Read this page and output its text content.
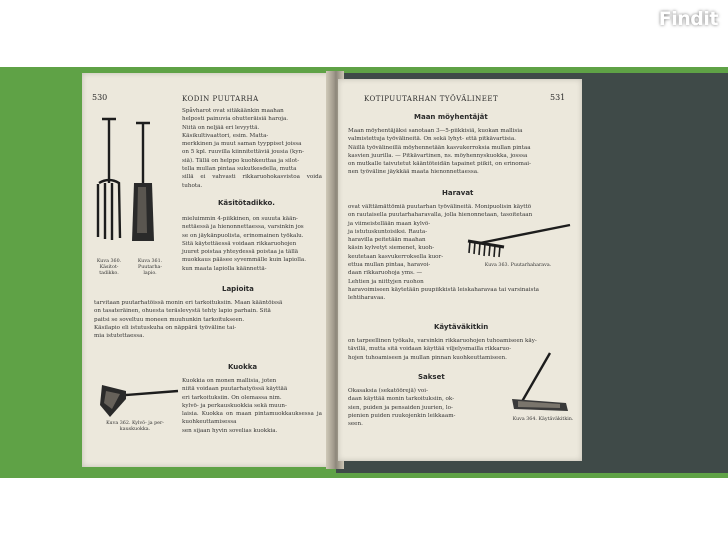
530	KODIN PUUTARHA
Kuva 360.
Käsitot-
tadikko.
Kuva 361.
Puutarha-
lapio.
Spåvharot ovat sitäkäänkin maahan
helposti painuvia ohutteräisiä haroja.
Niitä on neljää eri levyyttä.
Käsikultivaattori, esim. Matta-
merkkinen ja muut saman tyyppiset joissa
on 5 kpl. ruuvilla kiinnitettäviä jousia (kyn-
siä). Tällä on helppo kuohkeuttaa ja silot-
tella mullan pintaa sukutkesdella, mutta
sillä ei vahvasti rikkaruohokasvistoa voida tuhota.
Käsitötadikko.
mieluimmin 4-piikkinen, on suuuta kään-
nettäessä ja hienonnettaessa, varsinkin jos
se on jäykänpuolista, erinomainen työkalu.
Sitä käytettäessä voidaan rikkaruohojen
juuret poistaa yhteydessä poistaa ja tällä
muokkaus pääsee syvemmälle kuin lapiolla.
kun maata lapiolla käännettä-
Lapioita
tarvitaan puutarhatöissä monin eri tarkoituksiin. Maan kääntöissä
on tasateräinen, ohuesta teräslevystä tehty lapio parhain. Sitä
paitsi se soveltuu moneen muuhunkin tarkoitukseen.
Käsilapio eli istutuskuha on näppärä työväline tai-
mia istutettaessa.
Kuokka
Kuva 362. Kylvö- ja per-
kauskuokka.
Kuokkia on monen mallisia, joten
niitä voidaan puutarhatyössä käyttää
eri tarkoituksiin. On olemassa nim.
kylvö- ja perkauskuokkia sekä muun-
laisia. Kuokka on maan pintamuokkauksessa ja kuohkeuttamisessa
sen sijaan hyvin sovelias kuokkia.
KOTIPUUTARHAN TYÖVÄLINEET	531
Maan möyhentäjät
Maan möyhentäjäksi sanotaan 3—5-piikkisiä, kuokan mallisia
valmistettuja työvälineitä. On sekä lyhyt- että pitkävartisia.
Näillä työvälineillä möyhennetään kasvukerroksia mullan pintaa
kasvien juurilla. — Pitkävartinen, ns. möyhennyskuokka, josssa
on mutkalle taivutetut kääntöteidän tapainet piikit, on erinomai-
nen työväline jäykkää maata hienonnettaessa.
Haravat
ovat välttämättömiä puutarhan työvälineitä. Monipuolisin käyttö
on rautaisella puutarhaharavalla, jolla hienonnetaan, tasoitetaan
ja viimeistellään maan kylvö-
ja istutuskuntoisiksi. Rauta-
haravilla peitetään maahan
käsin kylvetyt siemenet, kuoh-
keutetaan kasvukerroksella kuor-
ettua mullan pintaa, haravoi-
daan rikkaruohoja yms. —
Lehtien ja niittyjen ruohon
haravoimiseen käytetään puupiikkistä leiskaharavaa tai varsinaista
lehtiharavaa.
Kuva 363. Puutarhaharava.
Käytäväkitkin
on tarpeellinen työkalu, varsinkin rikkaruohojen tuhoamiseen käy-
tävillä, mutta sitä voidaan käyttää viljelysmailla rikkaruo-
hojen tuhoamiseen ja mullan pinnan kuohkeuttamiseen.
Sakset
Okasaksia (sekatöörejä) voi-
daan käyttää monin tarkoituksiin, ok-
sien, puiden ja pensaiden juurien, lo-
pienien puiden ruukojenkin leikkaam-
seen.
Kuva 364. Käytäväkitkin.
Findit
